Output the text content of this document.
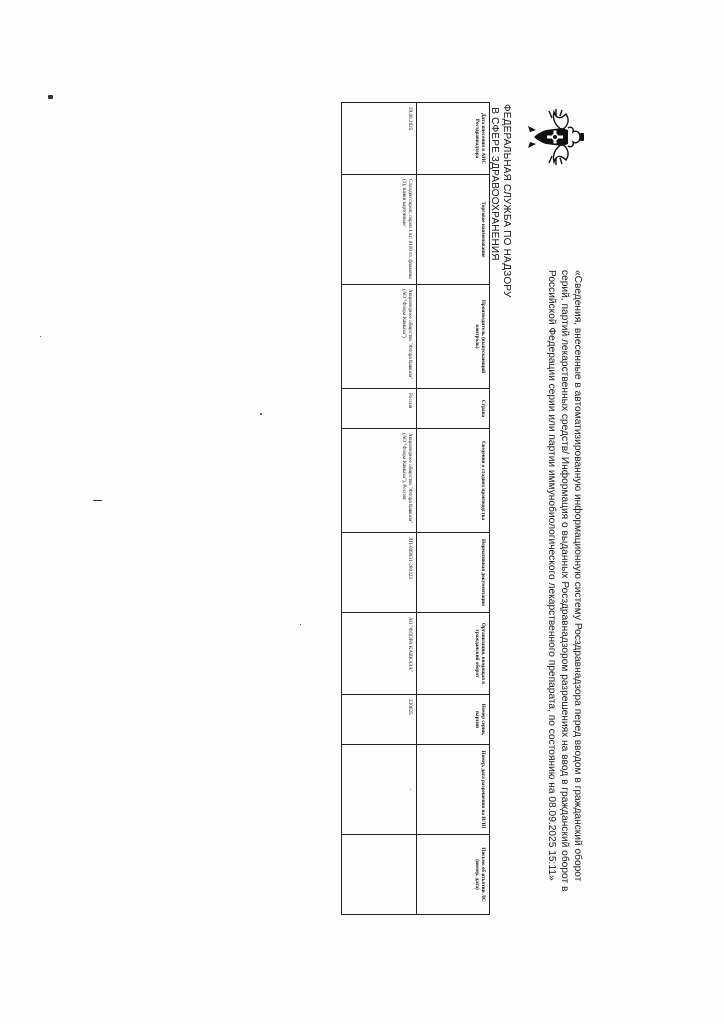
ФЕДЕРАЛЬНАЯ СЛУЖБА ПО НАДЗОРУ
В СФЕРЕ ЗДРАВООХРАНЕНИЯ
«Сведения, внесенные в автоматизированную информационную систему Росздравнадзора перед вводом в гражданский оборот серий, партий лекарственных средств/ Информация о выданных Росздравнадзором разрешениях на ввод в гражданский оборот в Российской Федерации серии или партии иммунобиологического лекарственного препарата, по состоянию на 08.09.2025 15:11»
Дата внесения в АИС Росздравнадзора	Торговое наименование	Производитель (выпускающий контроль)	Страна	Сведения о стадиях производства	Нормативная документация	Организация, вводящая в гражданский оборот	Номер серии, партии	Номер, дата разрешения на ИЛП	Письмо об изъятии ЛС (номер, дата)
29.08.2025	Солодки сироп; сироп 1 кг: 0100 гл. флаконы (1), пачки картонные/	Акционерное общество "Флора Кавказа" (АО "Флора Кавказа")	Россия	Акционерное общество "Флора Кавказа" (АО "Флора Кавказа"), Россия	ЛП-009931-280323	АО "ФЛОРА КАВКАЗА"	230625	-	
